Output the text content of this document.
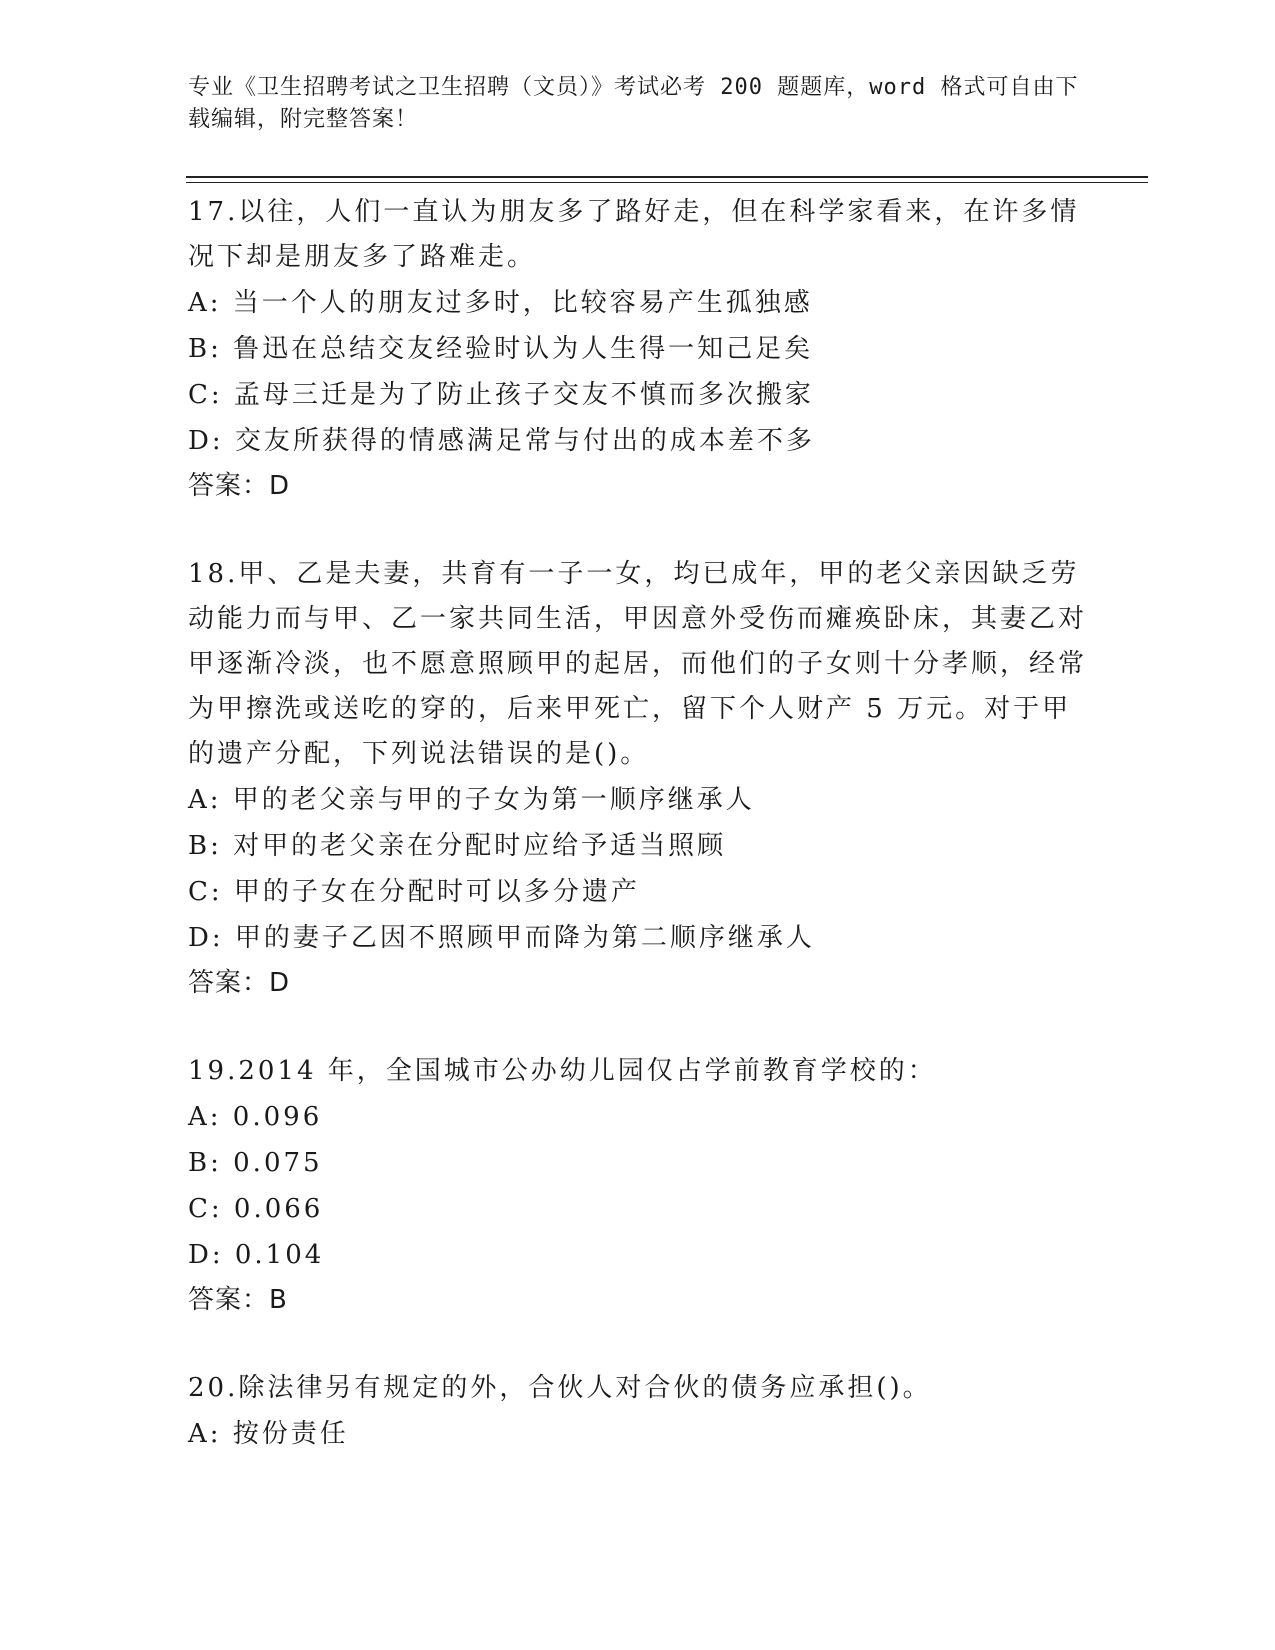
专业《卫生招聘考试之卫生招聘（文员）》考试必考 200 题题库，word 格式可自由下载编辑，附完整答案！

17.以往，人们一直认为朋友多了路好走，但在科学家看来，在许多情况下却是朋友多了路难走。

A: 当一个人的朋友过多时，比较容易产生孤独感

B: 鲁迅在总结交友经验时认为人生得一知己足矣

C: 孟母三迁是为了防止孩子交友不慎而多次搬家

D: 交友所获得的情感满足常与付出的成本差不多

答案：D

18.甲、乙是夫妻，共育有一子一女，均已成年，甲的老父亲因缺乏劳动能力而与甲、乙一家共同生活，甲因意外受伤而瘫痪卧床，其妻乙对甲逐渐冷淡，也不愿意照顾甲的起居，而他们的子女则十分孝顺，经常为甲擦洗或送吃的穿的，后来甲死亡，留下个人财产 5 万元。对于甲的遗产分配，下列说法错误的是()。

A: 甲的老父亲与甲的子女为第一顺序继承人

B: 对甲的老父亲在分配时应给予适当照顾

C: 甲的子女在分配时可以多分遗产

D: 甲的妻子乙因不照顾甲而降为第二顺序继承人

答案：D

19.2014 年，全国城市公办幼儿园仅占学前教育学校的：

A: 0.096

B: 0.075

C: 0.066

D: 0.104

答案：B

20.除法律另有规定的外，合伙人对合伙的债务应承担()。

A: 按份责任
